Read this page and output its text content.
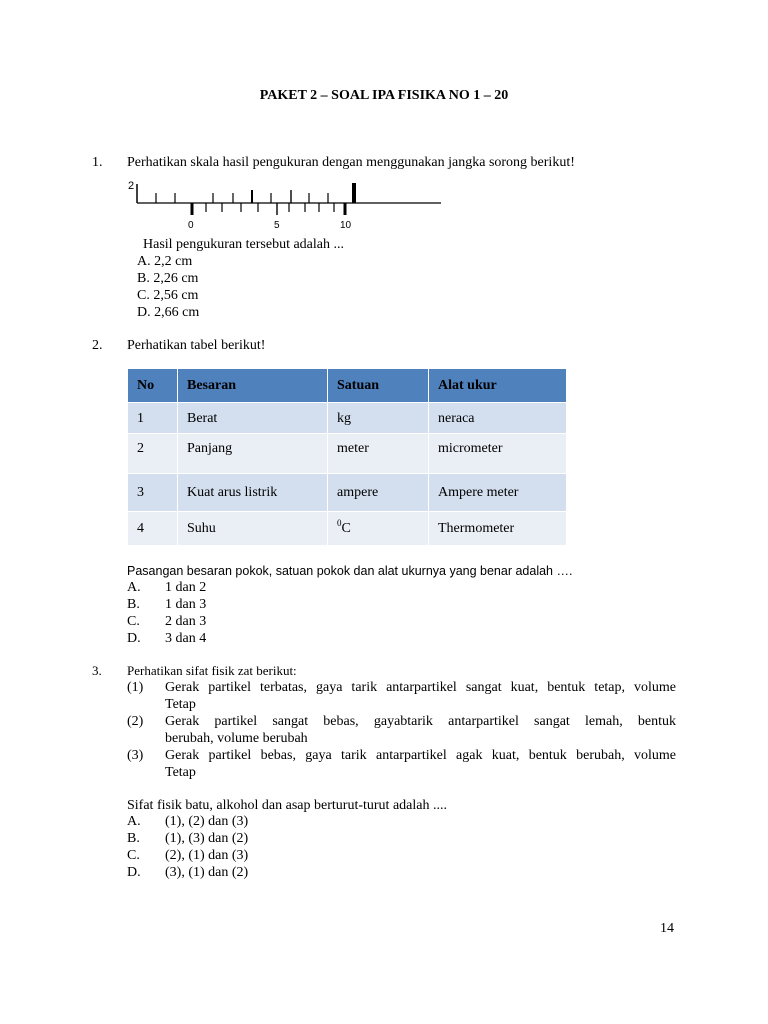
PAKET 2 – SOAL IPA FISIKA NO 1 – 20
1. Perhatikan skala hasil pengukuran dengan menggunakan jangka sorong berikut!
2
0	5	10
Hasil pengukuran tersebut adalah ...
A. 2,2 cm
B. 2,26 cm
C. 2,56 cm
D. 2,66 cm
2. Perhatikan tabel berikut!
No	Besaran	Satuan	Alat ukur
1	Berat	kg	neraca
2	Panjang	meter	micrometer
3	Kuat arus listrik	ampere	Ampere meter
4	Suhu	$^0$C	Thermometer
Pasangan besaran pokok, satuan pokok dan alat ukurnya yang benar adalah ….
A. 1 dan 2
B. 1 dan 3
C. 2 dan 3
D. 3 dan 4
3. Perhatikan sifat fisik zat berikut:
(1) Gerak partikel terbatas, gaya tarik antarpartikel sangat kuat, bentuk tetap, volume
Tetap
(2) Gerak partikel sangat bebas, gayabtarik antarpartikel sangat lemah, bentuk
berubah, volume berubah
(3) Gerak partikel bebas, gaya tarik antarpartikel agak kuat, bentuk berubah, volume
Tetap
Sifat fisik batu, alkohol dan asap berturut-turut adalah ....
A. (1), (2) dan (3)
B. (1), (3) dan (2)
C. (2), (1) dan (3)
D. (3), (1) dan (2)
14
